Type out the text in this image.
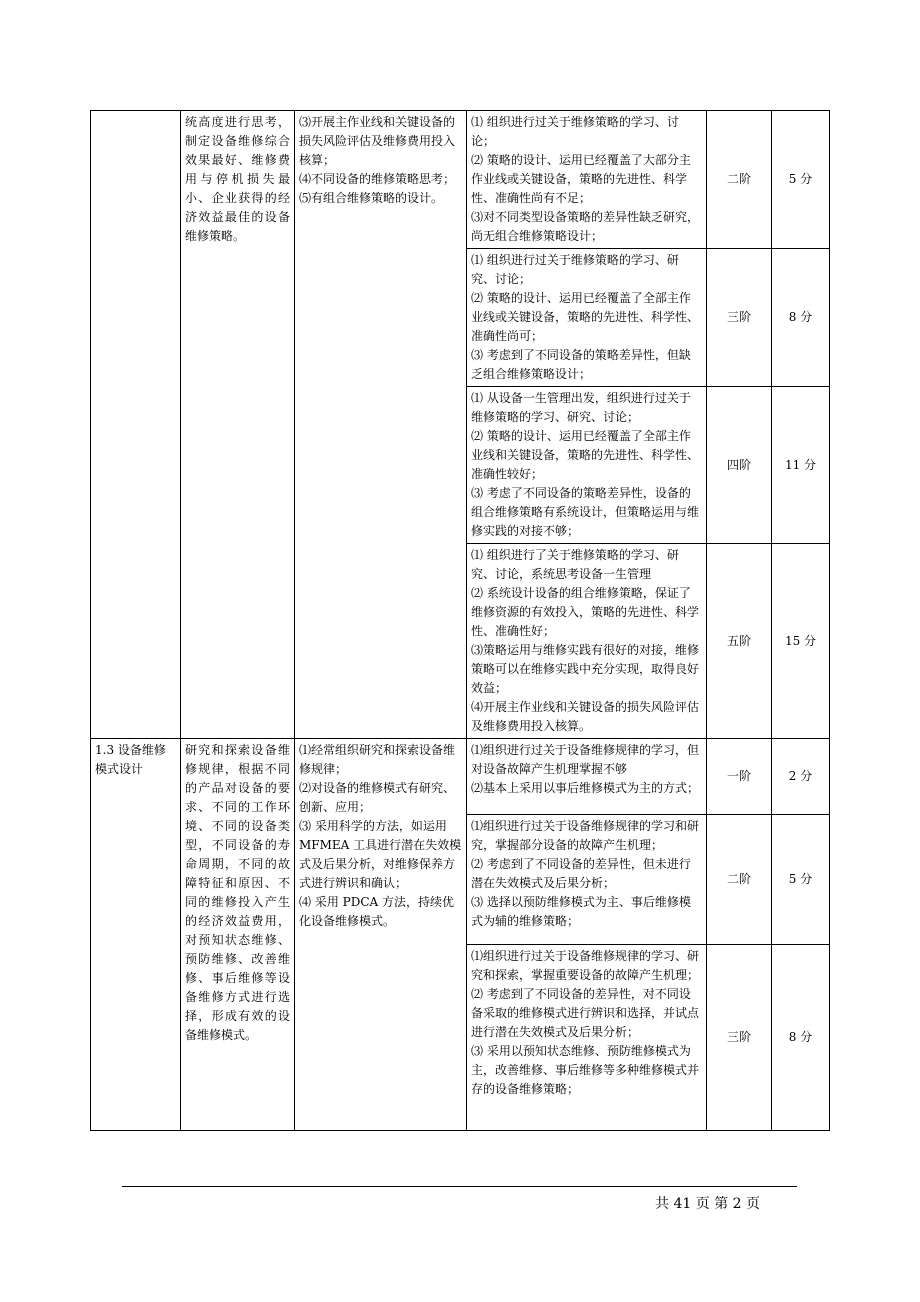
	统高度进行思考，制定设备维修综合效果最好、维修费用与停机损失最小、企业获得的经济效益最佳的设备维修策略。	⑶开展主作业线和关键设备的损失风险评估及维修费用投入核算；
⑷不同设备的维修策略思考；
⑸有组合维修策略的设计。	⑴ 组织进行过关于维修策略的学习、讨论；
⑵ 策略的设计、运用已经覆盖了大部分主作业线或关键设备，策略的先进性、科学性、准确性尚有不足；
⑶对不同类型设备策略的差异性缺乏研究，尚无组合维修策略设计；	二阶	5 分

			⑴ 组织进行过关于维修策略的学习、研究、讨论；
⑵ 策略的设计、运用已经覆盖了全部主作业线或关键设备，策略的先进性、科学性、准确性尚可；
⑶ 考虑到了不同设备的策略差异性，但缺乏组合维修策略设计；	三阶	8 分

			⑴ 从设备一生管理出发，组织进行过关于维修策略的学习、研究、讨论；
⑵ 策略的设计、运用已经覆盖了全部主作业线和关键设备，策略的先进性、科学性、准确性较好；
⑶ 考虑了不同设备的策略差异性，设备的组合维修策略有系统设计，但策略运用与维修实践的对接不够；	四阶	11 分

			⑴ 组织进行了关于维修策略的学习、研究、讨论，系统思考设备一生管理
⑵ 系统设计设备的组合维修策略，保证了维修资源的有效投入，策略的先进性、科学性、准确性好；
⑶策略运用与维修实践有很好的对接，维修策略可以在维修实践中充分实现，取得良好效益；
⑷开展主作业线和关键设备的损失风险评估及维修费用投入核算。	五阶	15 分
1.3 设备维修模式设计	研究和探索设备维修规律，根据不同的产品对设备的要求、不同的工作环境、不同的设备类型，不同设备的寿命周期，不同的故障特征和原因、不同的维修投入产生的经济效益费用，对预知状态维修、预防维修、改善维修、事后维修等设备维修方式进行选择，形成有效的设备维修模式。	⑴经常组织研究和探索设备维修规律；
⑵对设备的维修模式有研究、创新、应用；
⑶ 采用科学的方法，如运用 MFMEA 工具进行潜在失效模式及后果分析，对维修保养方式进行辨识和确认；
⑷ 采用 PDCA 方法，持续优化设备维修模式。	⑴组织进行过关于设备维修规律的学习，但对设备故障产生机理掌握不够
⑵基本上采用以事后维修模式为主的方式；	一阶	2 分

			⑴组织进行过关于设备维修规律的学习和研究，掌握部分设备的故障产生机理；
⑵ 考虑到了不同设备的差异性，但未进行潜在失效模式及后果分析；
⑶ 选择以预防维修模式为主、事后维修模式为辅的维修策略；	二阶	5 分

			⑴组织进行过关于设备维修规律的学习、研究和探索，掌握重要设备的故障产生机理；
⑵ 考虑到了不同设备的差异性，对不同设备采取的维修模式进行辨识和选择，并试点进行潜在失效模式及后果分析；
⑶ 采用以预知状态维修、预防维修模式为主，改善维修、事后维修等多种维修模式并存的设备维修策略；	三阶	8 分
共 41 页 第 2 页
